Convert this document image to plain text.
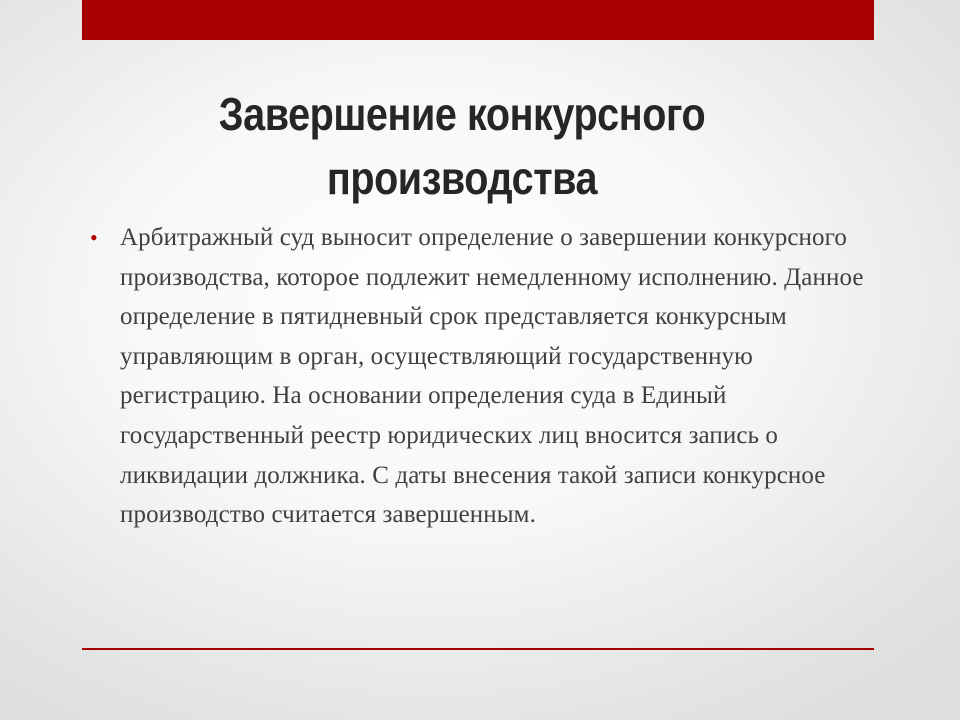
Завершение конкурсного производства
• Арбитражный суд выносит определение о завершении конкурсного производства, которое подлежит немедленному исполнению. Данное определение в пятидневный срок представляется конкурсным управляющим в орган, осуществляющий государственную регистрацию. На основании определения суда в Единый государственный реестр юридических лиц вносится запись о ликвидации должника. С даты внесения такой записи конкурсное производство считается завершенным.
